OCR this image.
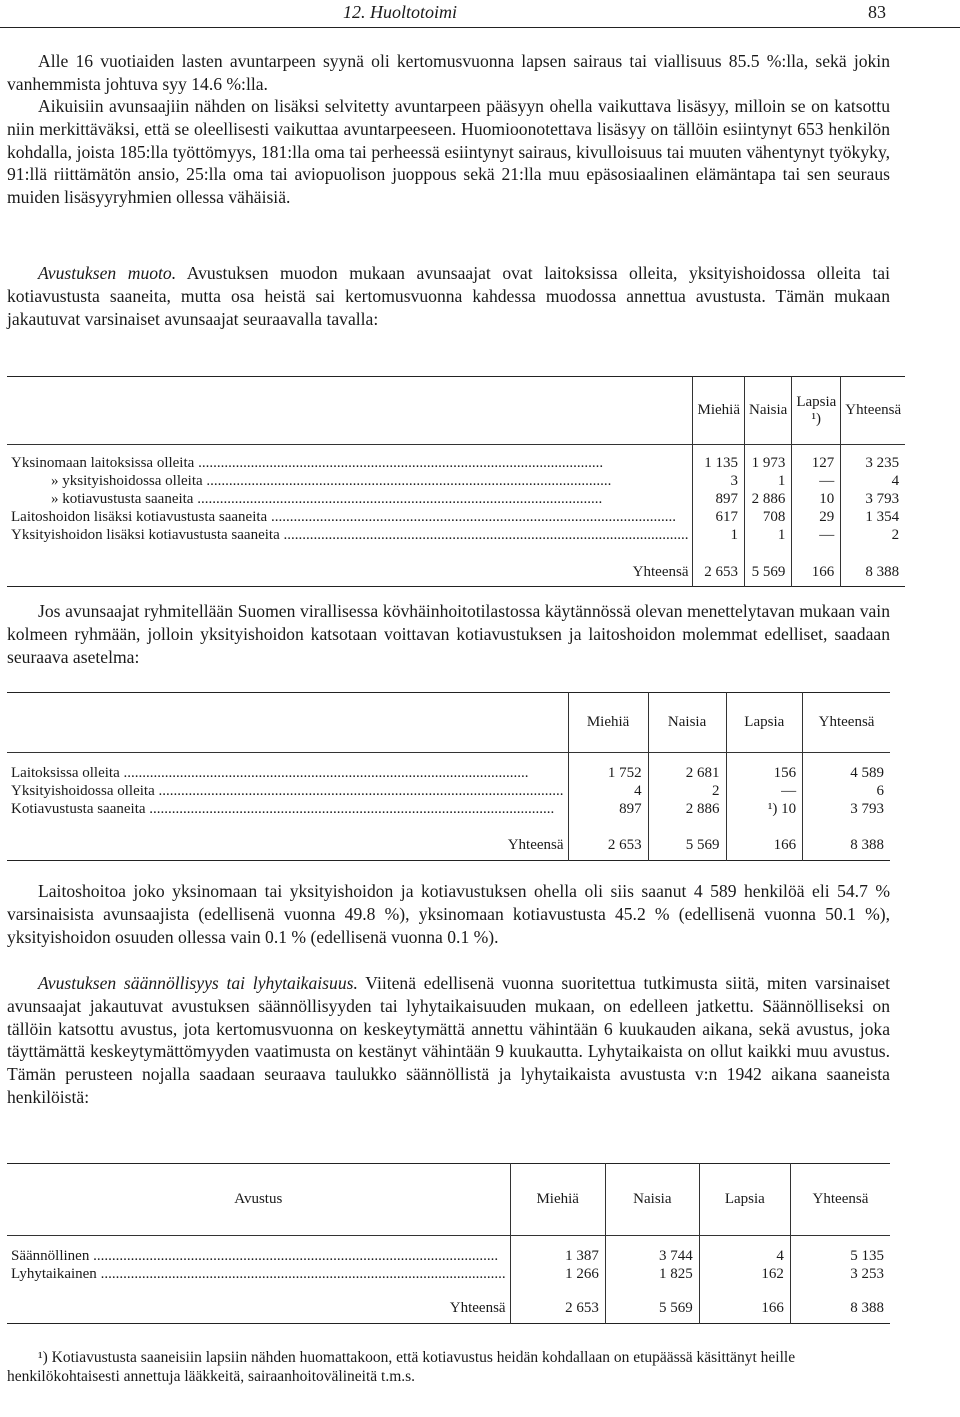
12. Huoltotoimi	83

Alle 16 vuotiaiden lasten avuntarpeen syynä oli kertomusvuonna lapsen sairaus tai viallisuus 85.5 %:lla, sekä jokin vanhemmista johtuva syy 14.6 %:lla.

Aikuisiin avunsaajiin nähden on lisäksi selvitetty avuntarpeen pääsyyn ohella vaikuttava lisäsyy, milloin se on katsottu niin merkittäväksi, että se oleellisesti vaikuttaa avuntarpeeseen. Huomioonotettava lisäsyy on tällöin esiintynyt 653 henkilön kohdalla, joista 185:lla työttömyys, 181:lla oma tai perheessä esiintynyt sairaus, kivulloisuus tai muuten vähentynyt työkyky, 91:llä riittämätön ansio, 25:lla oma tai aviopuolison juoppous sekä 21:lla muu epäsosiaalinen elämäntapa tai sen seuraus muiden lisäsyyryhmien ollessa vähäisiä.

Avustuksen muoto. Avustuksen muodon mukaan avunsaajat ovat laitoksissa olleita, yksityishoidossa olleita tai kotiavustusta saaneita, mutta osa heistä sai kertomusvuonna kahdessa muodossa annettua avustusta. Tämän mukaan jakautuvat varsinaiset avunsaajat seuraavalla tavalla:

	Miehiä	Naisia	Lapsia ¹)	Yhteensä

Yksinomaan laitoksissa olleita .....	1 135	1 973	127	3 235
» yksityishoidossa olleita .....	3	1	—	4
» kotiavustusta saaneita .....	897	2 886	10	3 793
Laitoshoidon lisäksi kotiavustusta saaneita .....	617	708	29	1 354
Yksityishoidon lisäksi kotiavustusta saaneita .....	1	1	—	2

Yhteensä	2 653	5 569	166	8 388

Jos avunsaajat ryhmitellään Suomen virallisessa kövhäinhoitotilastossa käytännössä olevan menettelytavan mukaan vain kolmeen ryhmään, jolloin yksityishoidon katsotaan voittavan kotiavustuksen ja laitoshoidon molemmat edelliset, saadaan seuraava asetelma:

	Miehiä	Naisia	Lapsia	Yhteensä

Laitoksissa olleita .....	1 752	2 681	156	4 589
Yksityishoidossa olleita .....	4	2	—	6
Kotiavustusta saaneita .....	897	2 886	¹) 10	3 793

Yhteensä	2 653	5 569	166	8 388

Laitoshoitoa joko yksinomaan tai yksityishoidon ja kotiavustuksen ohella oli siis saanut 4 589 henkilöä eli 54.7 % varsinaisista avunsaajista (edellisenä vuonna 49.8 %), yksinomaan kotiavustusta 45.2 % (edellisenä vuonna 50.1 %), yksityishoidon osuuden ollessa vain 0.1 % (edellisenä vuonna 0.1 %).

Avustuksen säännöllisyys tai lyhytaikaisuus. Viitenä edellisenä vuonna suoritettua tutkimusta siitä, miten varsinaiset avunsaajat jakautuvat avustuksen säännöllisyyden tai lyhytaikaisuuden mukaan, on edelleen jatkettu. Säännölliseksi on tällöin katsottu avustus, jota kertomusvuonna on keskeytymättä annettu vähintään 6 kuukauden aikana, sekä avustus, joka täyttämättä keskeytymättömyyden vaatimusta on kestänyt vähintään 9 kuukautta. Lyhytaikaista on ollut kaikki muu avustus. Tämän perusteen nojalla saadaan seuraava taulukko säännöllistä ja lyhytaikaista avustusta v:n 1942 aikana saaneista henkilöistä:

Avustus	Miehiä	Naisia	Lapsia	Yhteensä

Säännöllinen .....	1 387	3 744	4	5 135
Lyhytaikainen .....	1 266	1 825	162	3 253

Yhteensä	2 653	5 569	166	8 388

¹) Kotiavustusta saaneisiin lapsiin nähden huomattakoon, että kotiavustus heidän kohdallaan on etupäässä käsittänyt heille henkilökohtaisesti annettuja lääkkeitä, sairaanhoitovälineitä t.m.s.
